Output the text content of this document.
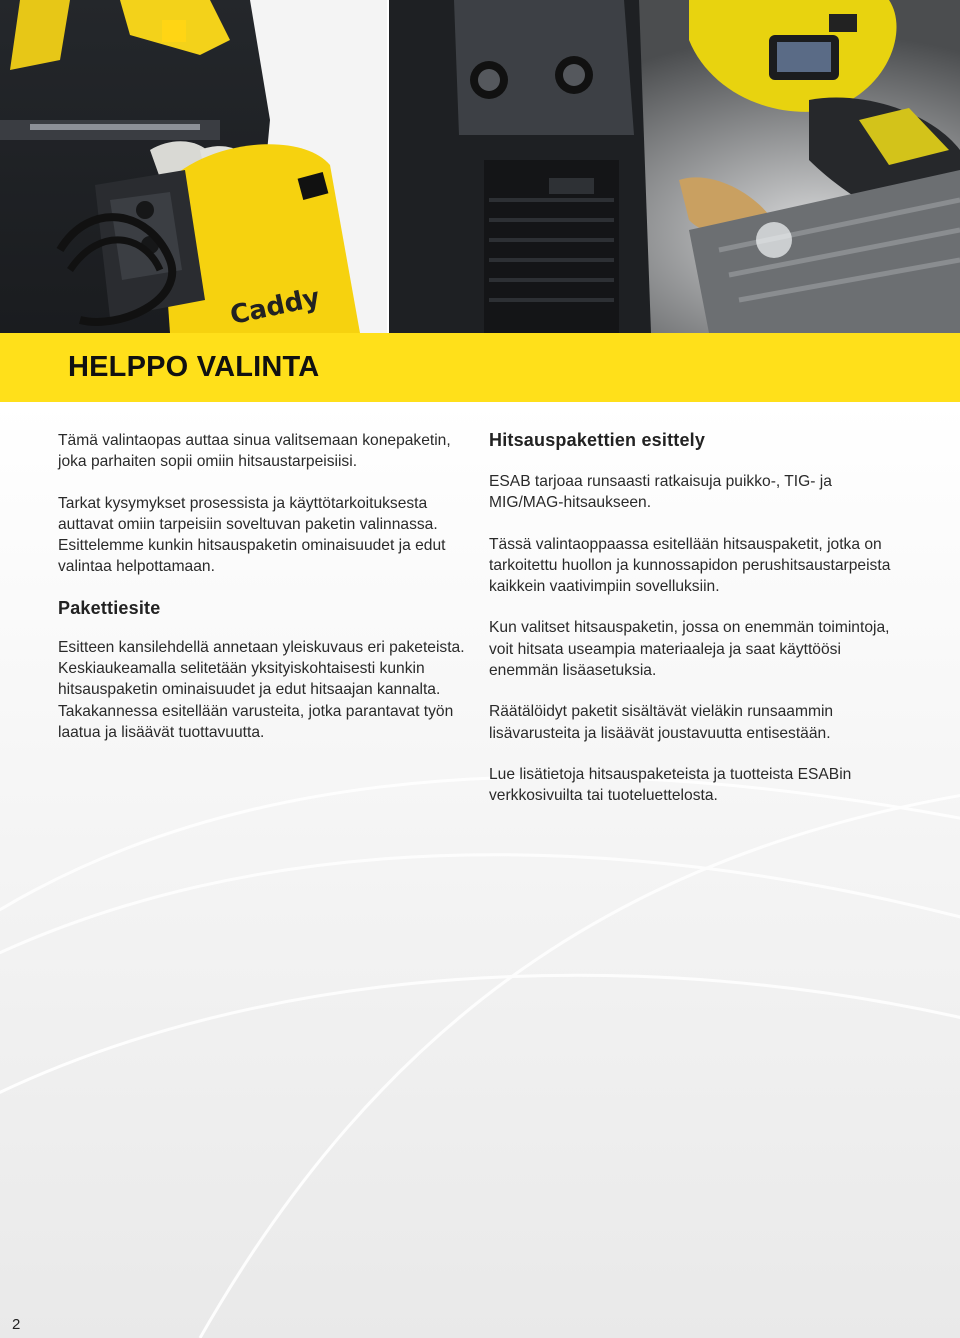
Caddy
HELPPO VALINTA

Tämä valintaopas auttaa sinua valitsemaan konepaketin, joka parhaiten sopii omiin hitsaustarpeisiisi.

Tarkat kysymykset prosessista ja käyttötarkoituksesta auttavat omiin tarpeisiin soveltuvan paketin valinnassa. Esittelemme kunkin hitsauspaketin ominaisuudet ja edut valintaa helpottamaan.

Pakettiesite

Esitteen kansilehdellä annetaan yleiskuvaus eri paketeista. Keskiaukeamalla selitetään yksityiskohtaisesti kunkin hitsauspaketin ominaisuudet ja edut hitsaajan kannalta. Takakannessa esitellään varusteita, jotka parantavat työn laatua ja lisäävät tuottavuutta.

Hitsauspakettien esittely

ESAB tarjoaa runsaasti ratkaisuja puikko-, TIG- ja MIG/MAG-hitsaukseen.

Tässä valintaoppaassa esitellään hitsauspaketit, jotka on tarkoitettu huollon ja kunnossapidon perushitsaustarpeista kaikkein vaativimpiin sovelluksiin.

Kun valitset hitsauspaketin, jossa on enemmän toimintoja, voit hitsata useampia materiaaleja ja saat käyttöösi enemmän lisäasetuksia.

Räätälöidyt paketit sisältävät vieläkin runsaammin lisävarusteita ja lisäävät joustavuutta entisestään.

Lue lisätietoja hitsauspaketeista ja tuotteista ESABin verkkosivuilta tai tuoteluettelosta.

2
